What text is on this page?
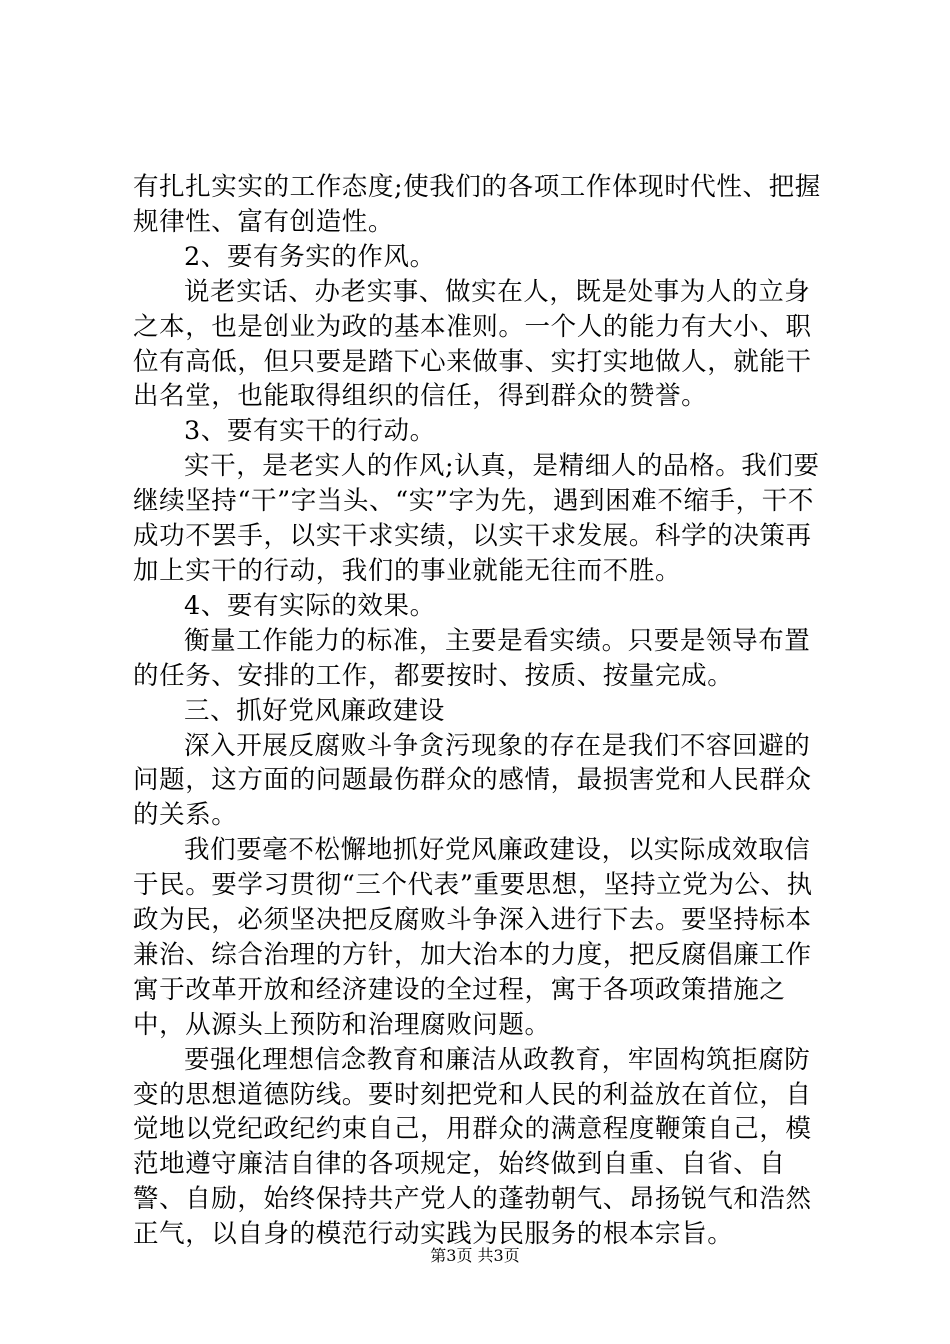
有扎扎实实的工作态度;使我们的各项工作体现时代性、把握规律性、富有创造性。

2、要有务实的作风。

说老实话、办老实事、做实在人，既是处事为人的立身之本，也是创业为政的基本准则。一个人的能力有大小、职位有高低，但只要是踏下心来做事、实打实地做人，就能干出名堂，也能取得组织的信任，得到群众的赞誉。

3、要有实干的行动。

实干，是老实人的作风;认真，是精细人的品格。我们要继续坚持“干”字当头、“实”字为先，遇到困难不缩手，干不成功不罢手，以实干求实绩，以实干求发展。科学的决策再加上实干的行动，我们的事业就能无往而不胜。

4、要有实际的效果。

衡量工作能力的标准，主要是看实绩。只要是领导布置的任务、安排的工作，都要按时、按质、按量完成。

三、抓好党风廉政建设

深入开展反腐败斗争贪污现象的存在是我们不容回避的问题，这方面的问题最伤群众的感情，最损害党和人民群众的关系。

我们要毫不松懈地抓好党风廉政建设，以实际成效取信于民。要学习贯彻“三个代表”重要思想，坚持立党为公、执政为民，必须坚决把反腐败斗争深入进行下去。要坚持标本兼治、综合治理的方针，加大治本的力度，把反腐倡廉工作寓于改革开放和经济建设的全过程，寓于各项政策措施之中，从源头上预防和治理腐败问题。

要强化理想信念教育和廉洁从政教育，牢固构筑拒腐防变的思想道德防线。要时刻把党和人民的利益放在首位，自觉地以党纪政纪约束自己，用群众的满意程度鞭策自己，模范地遵守廉洁自律的各项规定，始终做到自重、自省、自警、自励，始终保持共产党人的蓬勃朝气、昂扬锐气和浩然正气，以自身的模范行动实践为民服务的根本宗旨。

第3页 共3页
